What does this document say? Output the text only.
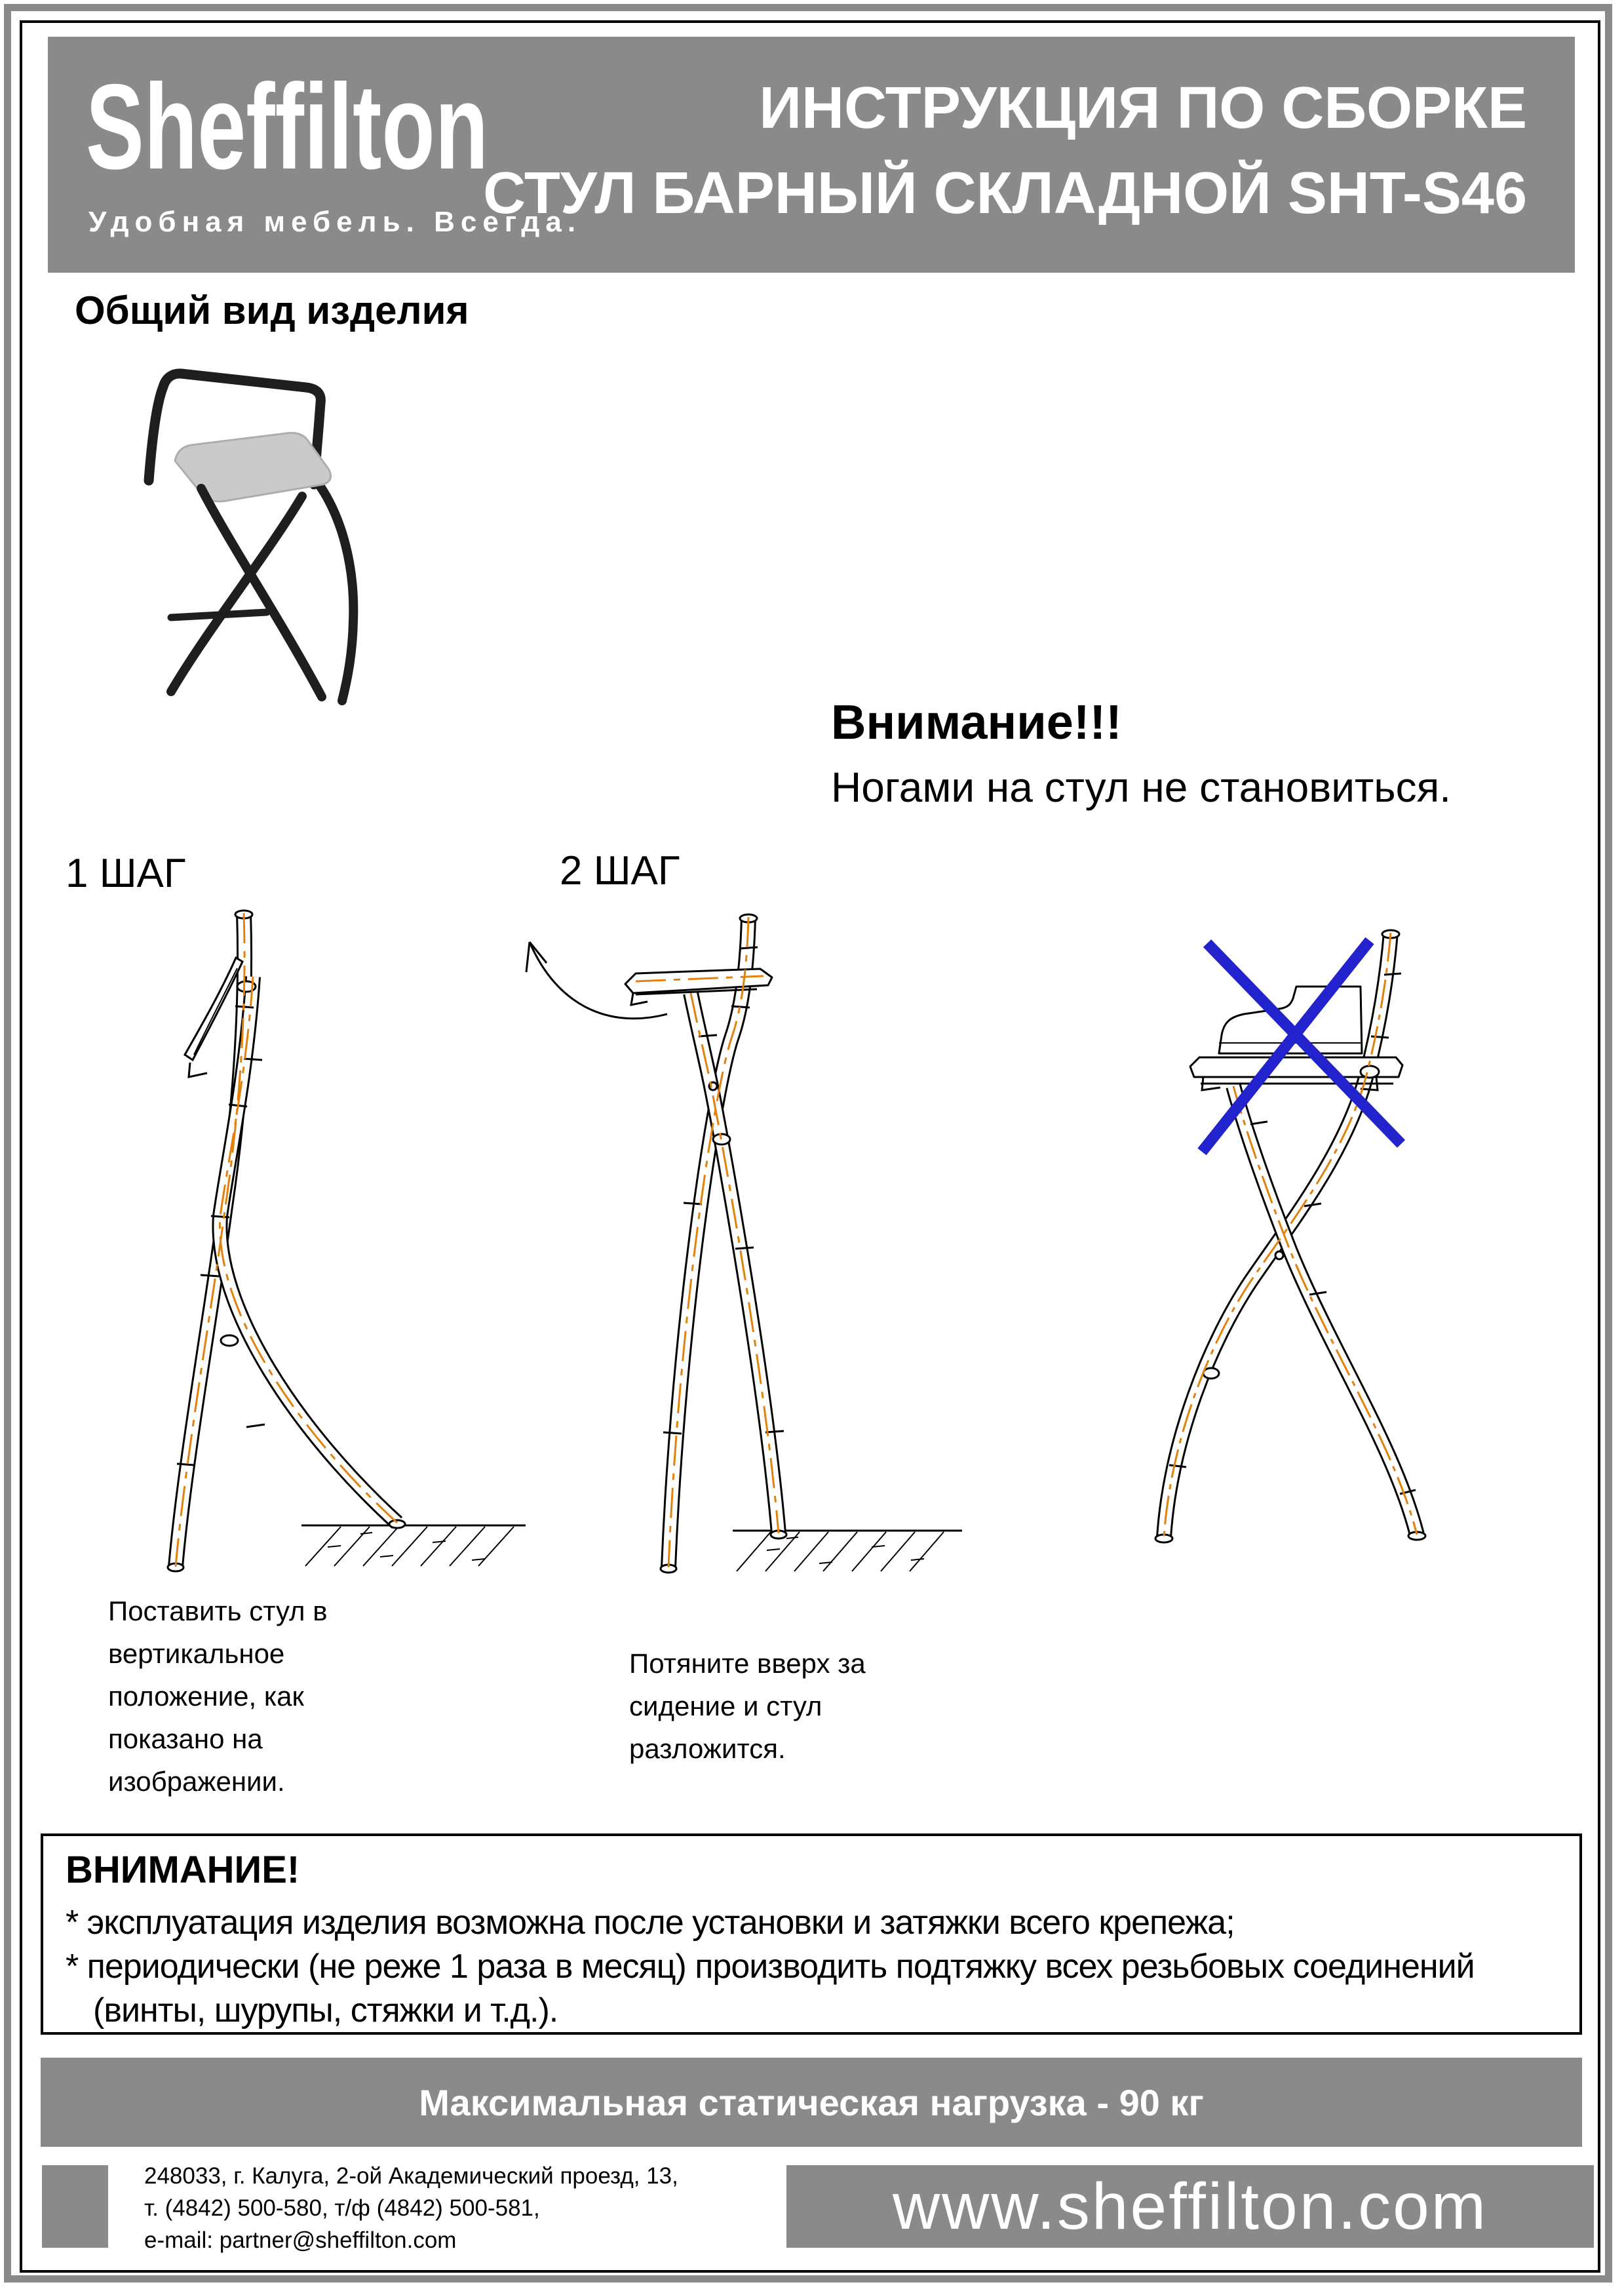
Sheffilton
Удобная мебель. Всегда.
ИНСТРУКЦИЯ ПО СБОРКЕ
СТУЛ БАРНЫЙ СКЛАДНОЙ SHT-S46
Общий вид изделия
Внимание!!!
Ногами на стул не становиться.
1 ШАГ	2 ШАГ
Поставить стул в вертикальное положение, как показано на изображении.
Потяните вверх за сидение и стул разложится.
ВНИМАНИЕ!
* эксплуатация изделия возможна после установки и затяжки всего крепежа;
* периодически (не реже 1 раза в месяц) производить подтяжку всех резьбовых соединений (винты, шурупы, стяжки и т.д.).
Максимальная статическая нагрузка - 90 кг
248033, г. Калуга, 2-ой Академический проезд, 13,
т. (4842) 500-580, т/ф (4842) 500-581,
e-mail: partner@sheffilton.com	www.sheffilton.com
